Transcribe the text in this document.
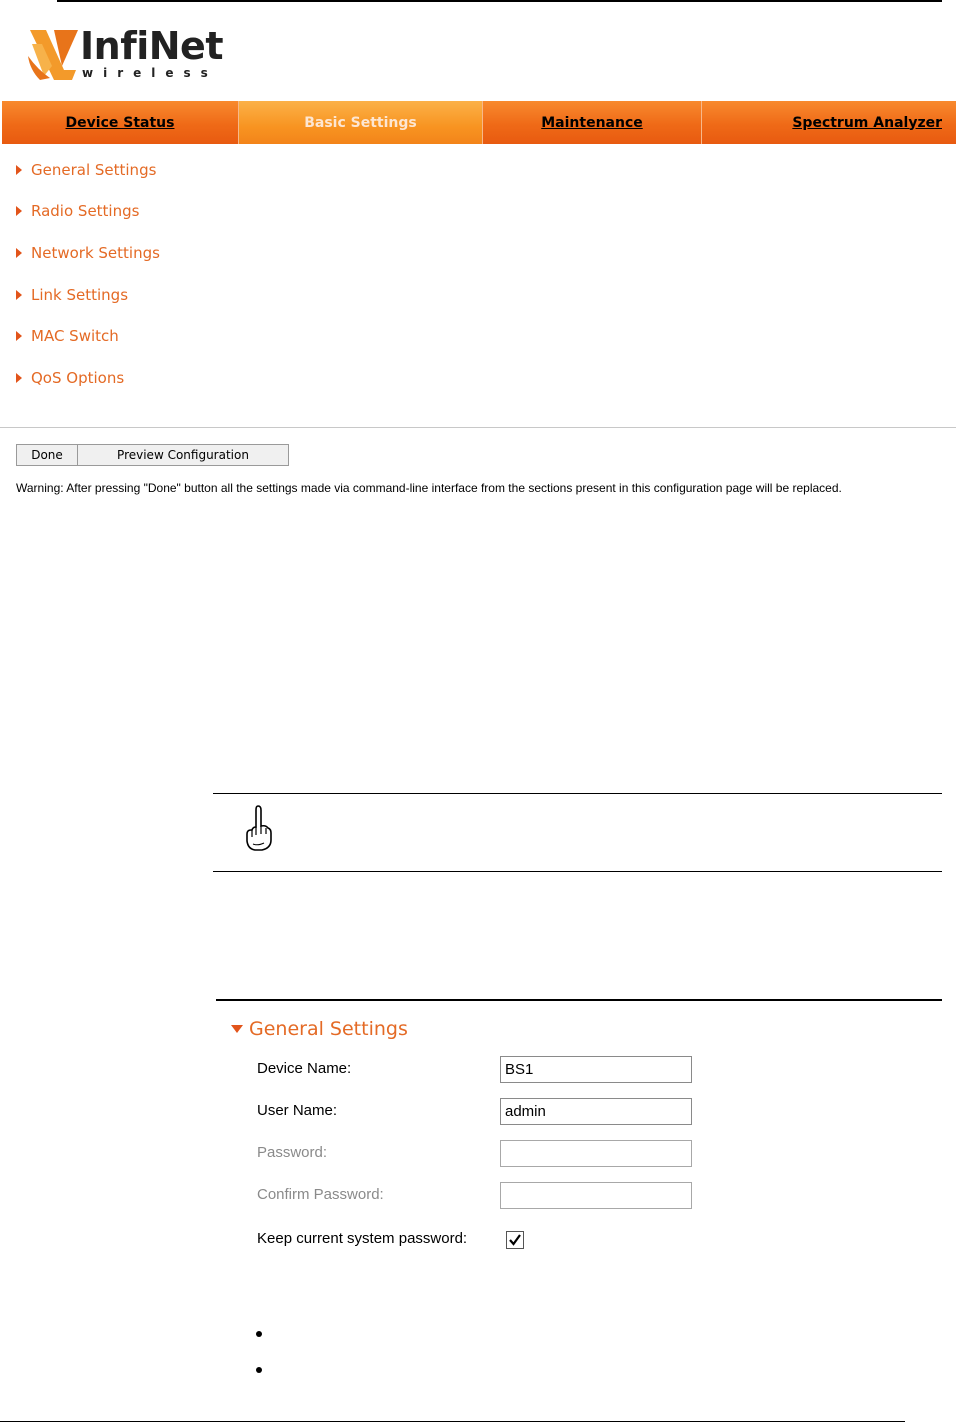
InfiNet
wireless
Device Status	Basic Settings	Maintenance	Spectrum Analyzer
General Settings
Radio Settings
Network Settings
Link Settings
MAC Switch
QoS Options
Done	Preview Configuration
Warning: After pressing "Done" button all the settings made via command-line interface from the sections present in this configuration page will be replaced.
General Settings
Device Name:	BS1
User Name:	admin
Password:
Confirm Password:
Keep current system password:
